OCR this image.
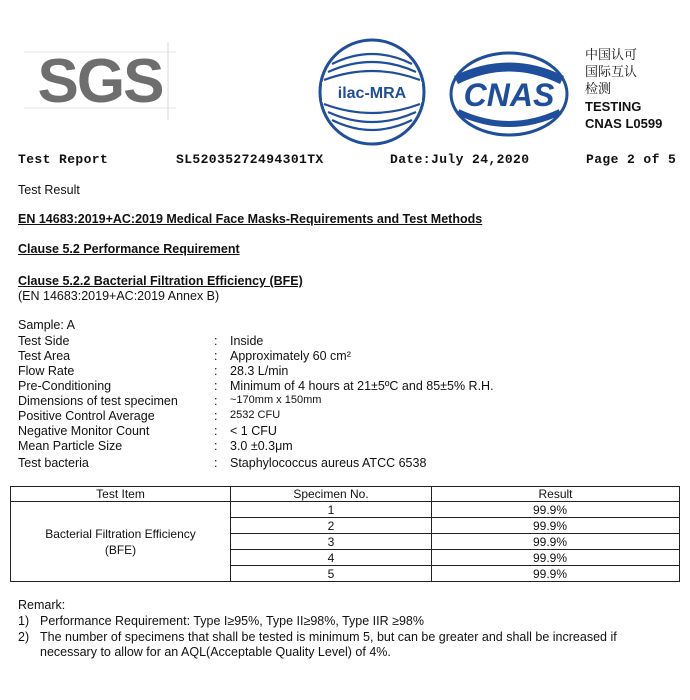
SGS	ilac-MRA CNAS
中国认可
国际互认
检测
TESTING
CNAS L0599
Test Report	SL52035272494301TX	Date:July 24,2020	Page 2 of 5
Test Result
EN 14683:2019+AC:2019 Medical Face Masks-Requirements and Test Methods
Clause 5.2 Performance Requirement
Clause 5.2.2 Bacterial Filtration Efficiency (BFE)
(EN 14683:2019+AC:2019 Annex B)
Sample: A
Test Side	: Inside
Test Area	: Approximately 60 cm²
Flow Rate	: 28.3 L/min
Pre-Conditioning	: Minimum of 4 hours at 21±5ºC and 85±5% R.H.
Dimensions of test specimen	: ~170mm x 150mm
Positive Control Average	: 2532 CFU
Negative Monitor Count	: < 1 CFU
Mean Particle Size	: 3.0 ±0.3μm
Test bacteria	: Staphylococcus aureus ATCC 6538
Test Item	Specimen No.	Result

Bacterial Filtration Efficiency
(BFE)	1	99.9%
	2	99.9%
	3	99.9%
	4	99.9%
	5	99.9%
Remark:
1) Performance Requirement: Type I≥95%, Type II≥98%, Type IIR ≥98%
2) The number of specimens that shall be tested is minimum 5, but can be greater and shall be increased if
necessary to allow for an AQL(Acceptable Quality Level) of 4%.
